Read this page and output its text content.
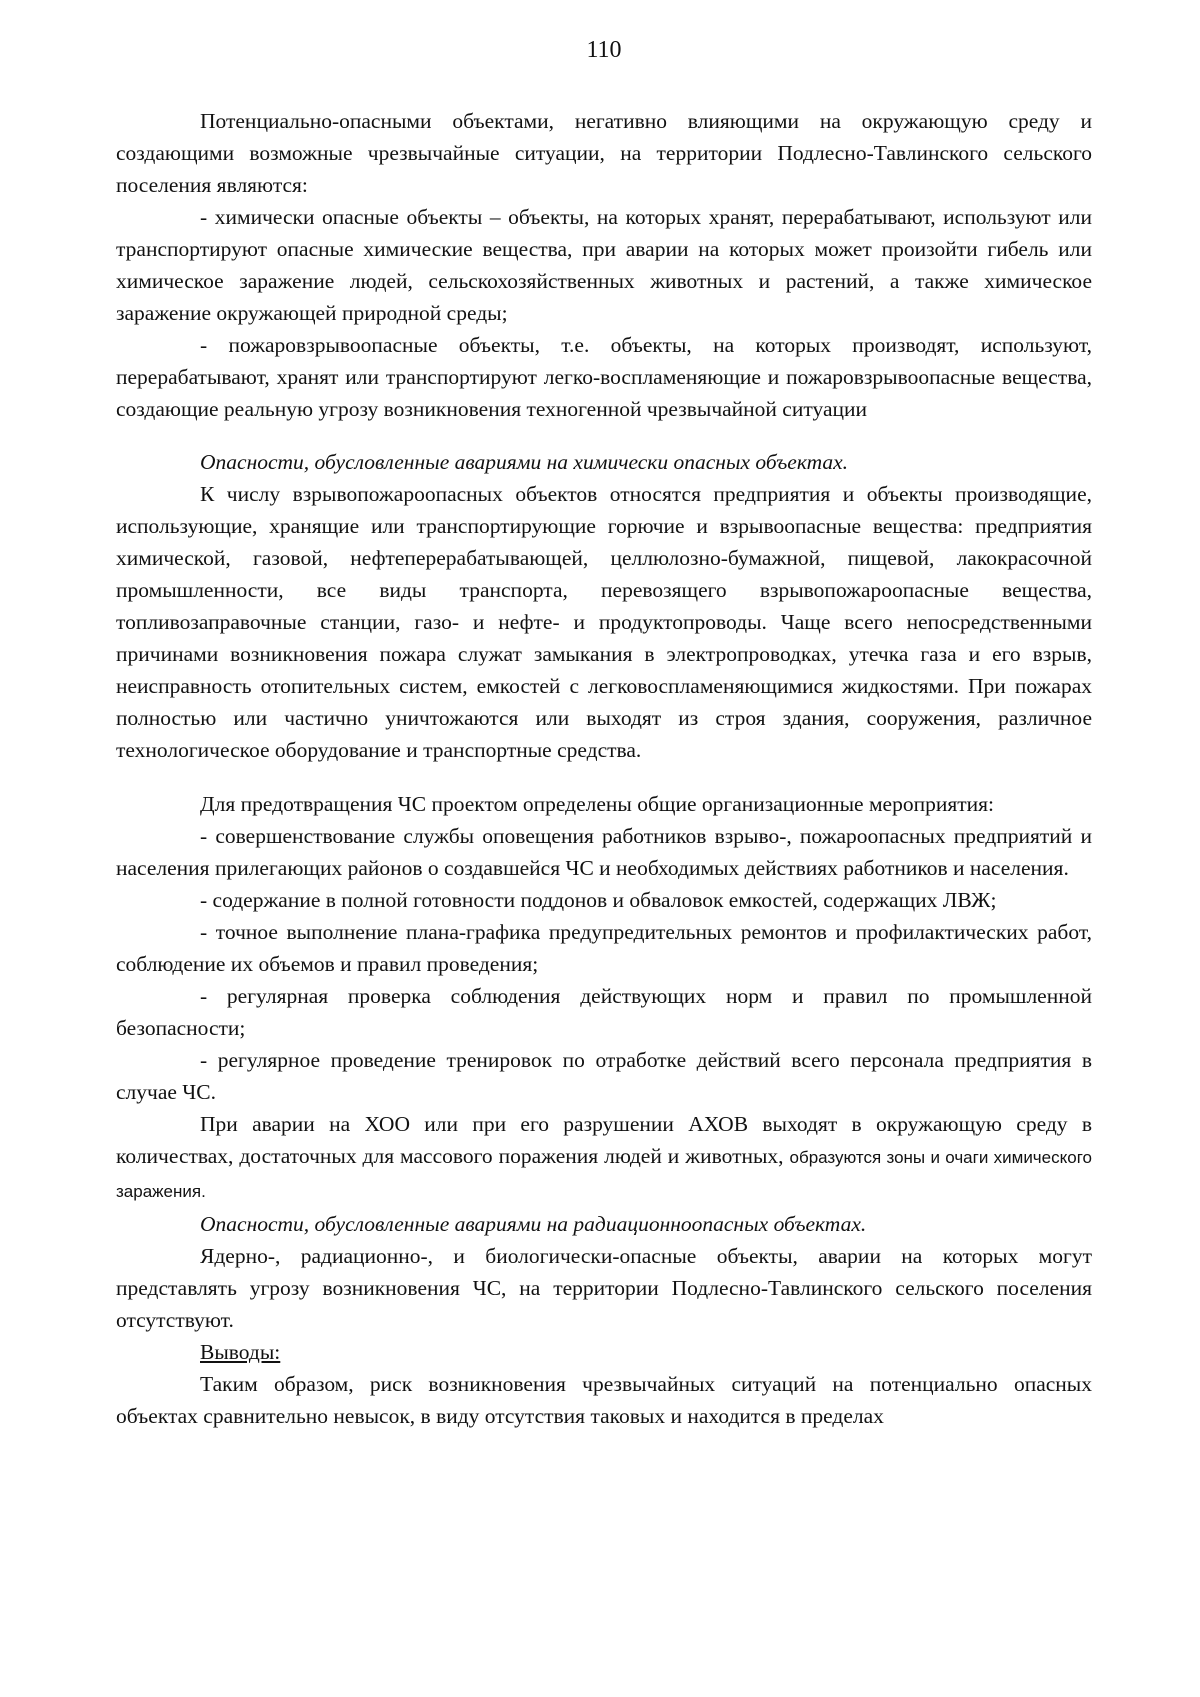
110

Потенциально-опасными объектами, негативно влияющими на окружающую среду и создающими возможные чрезвычайные ситуации, на территории Подлесно-Тавлинского сельского поселения являются:

- химически опасные объекты – объекты, на которых хранят, перерабатывают, используют или транспортируют опасные химические вещества, при аварии на которых может произойти гибель или химическое заражение людей, сельскохозяйственных животных и растений, а также химическое заражение окружающей природной среды;

- пожаровзрывоопасные объекты, т.е. объекты, на которых производят, используют, перерабатывают, хранят или транспортируют легко-воспламеняющие и пожаровзрывоопасные вещества, создающие реальную угрозу возникновения техногенной чрезвычайной ситуации

Опасности, обусловленные авариями на химически опасных объектах.

К числу взрывопожароопасных объектов относятся предприятия и объекты производящие, использующие, хранящие или транспортирующие горючие и взрывоопасные вещества: предприятия химической, газовой, нефтеперерабатывающей, целлюлозно-бумажной, пищевой, лакокрасочной промышленности, все виды транспорта, перевозящего взрывопожароопасные вещества, топливозаправочные станции, газо- и нефте- и продуктопроводы. Чаще всего непосредственными причинами возникновения пожара служат замыкания в электропроводках, утечка газа и его взрыв, неисправность отопительных систем, емкостей с легковоспламеняющимися жидкостями. При пожарах полностью или частично уничтожаются или выходят из строя здания, сооружения, различное технологическое оборудование и транспортные средства.

Для предотвращения ЧС проектом определены общие организационные мероприятия:

- совершенствование службы оповещения работников взрыво-, пожароопасных предприятий и населения прилегающих районов о создавшейся ЧС и необходимых действиях работников и населения.

- содержание в полной готовности поддонов и обваловок емкостей, содержащих ЛВЖ;

- точное выполнение плана-графика предупредительных ремонтов и профилактических работ, соблюдение их объемов и правил проведения;

- регулярная проверка соблюдения действующих норм и правил по промышленной безопасности;

- регулярное проведение тренировок по отработке действий всего персонала предприятия в случае ЧС.

При аварии на ХОО или при его разрушении АХОВ выходят в окружающую среду в количествах, достаточных для массового поражения людей и животных, образуются зоны и очаги химического заражения.

Опасности, обусловленные авариями на радиационноопасных объектах.

Ядерно-, радиационно-, и биологически-опасные объекты, аварии на которых могут представлять угрозу возникновения ЧС, на территории Подлесно-Тавлинского сельского поселения отсутствуют.

Выводы:

Таким образом, риск возникновения чрезвычайных ситуаций на потенциально опасных объектах сравнительно невысок, в виду отсутствия таковых и находится в пределах
